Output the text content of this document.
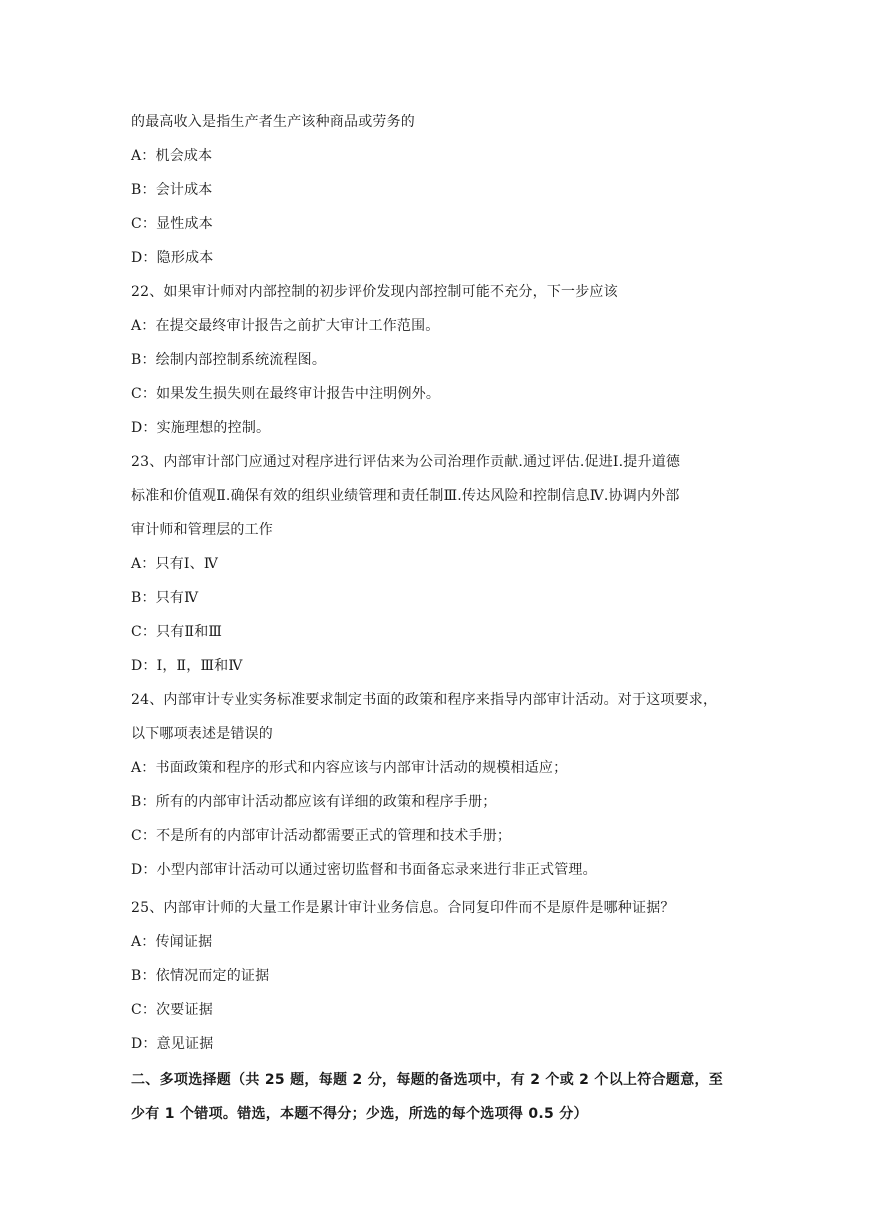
的最高收入是指生产者生产该种商品或劳务的
A：机会成本
B：会计成本
C：显性成本
D：隐形成本
22、如果审计师对内部控制的初步评价发现内部控制可能不充分，下一步应该
A：在提交最终审计报告之前扩大审计工作范围。
B：绘制内部控制系统流程图。
C：如果发生损失则在最终审计报告中注明例外。
D：实施理想的控制。
23、内部审计部门应通过对程序进行评估来为公司治理作贡献.通过评估.促进Ⅰ.提升道德
标准和价值观Ⅱ.确保有效的组织业绩管理和责任制Ⅲ.传达风险和控制信息Ⅳ.协调内外部
审计师和管理层的工作
A：只有Ⅰ、Ⅳ
B：只有Ⅳ
C：只有Ⅱ和Ⅲ
D：Ⅰ，Ⅱ，Ⅲ和Ⅳ
24、内部审计专业实务标准要求制定书面的政策和程序来指导内部审计活动。对于这项要求，
以下哪项表述是错误的
A：书面政策和程序的形式和内容应该与内部审计活动的规模相适应；
B：所有的内部审计活动都应该有详细的政策和程序手册；
C：不是所有的内部审计活动都需要正式的管理和技术手册；
D：小型内部审计活动可以通过密切监督和书面备忘录来进行非正式管理。
25、内部审计师的大量工作是累计审计业务信息。合同复印件而不是原件是哪种证据？
A：传闻证据
B：依情况而定的证据
C：次要证据
D：意见证据
二、多项选择题（共 25 题，每题 2 分，每题的备选项中，有 2 个或 2 个以上符合题意，至
少有 1 个错项。错选，本题不得分；少选，所选的每个选项得 0.5 分）
